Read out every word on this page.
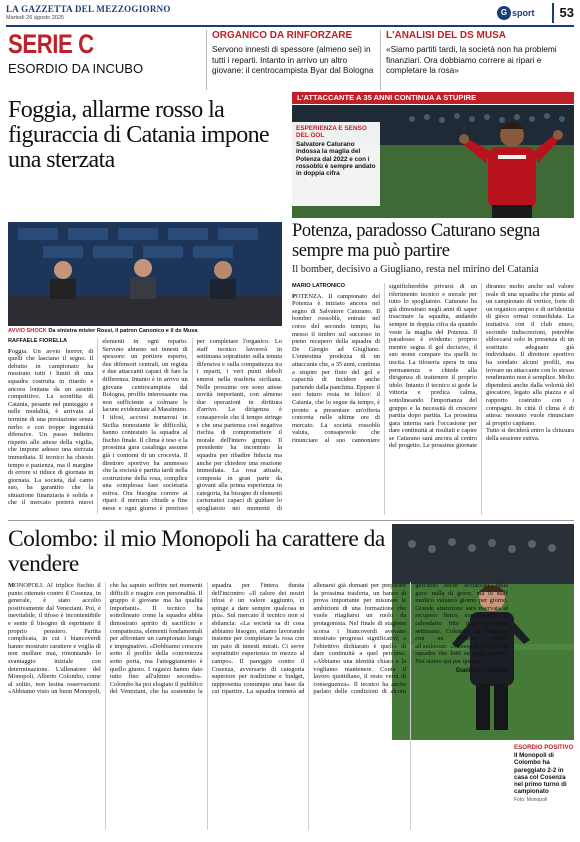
LA GAZZETTA DEL MEZZOGIORNO
Martedì 26 agosto 2025
G sport	53
SERIE C
ESORDIO DA INCUBO
ORGANICO DA RINFORZARE
Servono innesti di spessore (almeno sei) in tutti i reparti. Intanto in arrivo un altro giovane: il centrocampista Byar dal Bologna
L'ANALISI DEL DS MUSA
«Siamo partiti tardi, la società non ha problemi finanziari. Ora dobbiamo correre ai ripari e completare la rosa»
Foggia, allarme rosso la figuraccia di Catania impone una sterzata
L'ATTACCANTE A 35 ANNI CONTINUA A STUPIRE
ESPERIENZA E SENSO DEL GOL
Salvatore Caturano indossa la maglia del Potenza dal 2022 e con i rossoblù è sempre andato in doppia cifra
AVVIO SHOCK Da sinistra mister Rossi, il patron Canonico e il ds Musa

RAFFAELE FIORELLA

Foggia. Un avvio horror, di quelli che lasciano il segno. Il debutto in campionato ha mostrato tutti i limiti di una squadra costruita in ritardo e ancora lontana da un assetto competitivo. La sconfitta di Catania, pesante nel punteggio e nelle modalità, è arrivata al termine di una prestazione senza nerbo e con troppe ingenuità difensive. Un passo indietro rispetto alle attese della vigilia, che impone adesso una sterzata immediata. Il tecnico ha chiesto tempo e pazienza, ma il margine di errore si riduce di giornata in giornata. La società, dal canto suo, ha garantito che la situazione finanziaria è solida e che il mercato porterà nuovi elementi in ogni reparto. Servono almeno sei innesti di spessore: un portiere esperto, due difensori centrali, un regista e due attaccanti capaci di fare la differenza. Intanto è in arrivo un giovane centrocampista dal Bologna, profilo interessante ma non sufficiente a colmare le lacune evidenziate al Massimino. I tifosi, accorsi numerosi in Sicilia nonostante le difficoltà, hanno contestato la squadra al fischio finale. Il clima è teso e la prossima gara casalinga assume già i contorni di un crocevia. Il direttore sportivo ha ammesso che la società è partita tardi nella costruzione della rosa, complice una complessa fase societaria estiva. Ora bisogna correre ai ripari: il mercato chiude a fine mese e ogni giorno è prezioso per completare l'organico. Lo staff tecnico lavorerà in settimana soprattutto sulla tenuta difensiva e sulla compattezza tra i reparti, i veri punti deboli emersi nella trasferta siciliana. Nelle prossime ore sono attese novità importanti, con almeno due operazioni in dirittura d'arrivo. La dirigenza è consapevole che il tempo stringe e che una partenza così negativa rischia di compromettere il morale dell'intero gruppo. Il presidente ha incontrato la squadra per ribadire fiducia ma anche per chiedere una reazione immediata. La rosa attuale, composta in gran parte da giovani alla prima esperienza in categoria, ha bisogno di elementi carismatici capaci di guidare lo spogliatoio nei momenti di

Potenza, paradosso Caturano segna sempre ma può partire
Il bomber, decisivo a Giugliano, resta nel mirino del Catania

MARIO LATRONICO

POTENZA. Il campionato del Potenza è iniziato ancora nel segno di Salvatore Caturano. Il bomber rossoblù, entrato nel corso del secondo tempo, ha messo il timbro sul successo in pieno recupero della squadra di De Giorgio ad Giugliano. L'ennesima prodezza di un attaccante che, a 35 anni, continua a stupire per fiuto del gol e capacità di incidere anche partendo dalla panchina. Eppure il suo futuro resta in bilico: il Catania, che lo segue da tempo, è pronto a presentare un'offerta concreta nelle ultime ore di mercato. La società rossoblù valuta, consapevole che rinunciare al suo cannoniere significherebbe privarsi di un riferimento tecnico e morale per tutto lo spogliatoio. Caturano ha già dimostrato negli anni di saper trascinare la squadra, andando sempre in doppia cifra da quando veste la maglia del Potenza. Il paradosso è evidente: proprio mentre segna il gol decisivo, il suo nome compare tra quelli in uscita. La tifoseria spera in una permanenza e chiede alla dirigenza di trattenere il proprio idolo. Intanto il tecnico si gode la vittoria e predica calma, sottolineando l'importanza del gruppo e la necessità di crescere partita dopo partita. La prossima gara interna sarà l'occasione per dare continuità ai risultati e capire se Caturano sarà ancora al centro del progetto. Le prossime giornate diranno molto anche sul valore reale di una squadra che punta ad un campionato di vertice, forte di un organico ampio e di un'identità di gioco ormai consolidata. La trattativa con il club etneo, secondo indiscrezioni, potrebbe sbloccarsi solo in presenza di un sostituto adeguato già individuato. Il direttore sportivo ha sondato alcuni profili, ma trovare un attaccante con lo stesso rendimento non è semplice. Molto dipenderà anche dalla volontà del giocatore, legato alla piazza e al rapporto costruito con i compagni. In città il clima è di attesa: nessuno vuole rinunciare al proprio capitano.

Tutto si deciderà entro la chiusura della sessione estiva.

Colombo: il mio Monopoli ha carattere da vendere

MONOPOLI. Al triplice fischio il punto ottenuto contro il Cosenza, in generale, è stato accolto positivamente dal Veneziani. Poi, è inevitabile, il tifoso è inconteniibile e sente il bisogno di esprimere il proprio pensiero. Partita complicata, in cui i biancoverdi hanno mostrato carattere e voglia di non mollare mai, rimontando lo svantaggio iniziale con determinazione. L'allenatore del Monopoli, Alberto Colombo, come al solito, non lesina osservazioni: «Abbiamo visto un buon Monopoli, che ha saputo soffrire nei momenti difficili e reagire con personalità. Il gruppo è giovane ma ha qualità importanti». Il tecnico ha sottolineato come la squadra abbia dimostrato spirito di sacrificio e compattezza, elementi fondamentali per affrontare un campionato lungo e impegnativo. «Dobbiamo crescere sotto il profilo della concretezza sotto porta, ma l'atteggiamento è quello giusto. I ragazzi hanno dato tutto fino all'ultimo secondo». Colombo ha poi elogiato il pubblico del Veneziani, che ha sostenuto la squadra per l'intera durata dell'incontro: «Il calore dei nostri tifosi è un valore aggiunto, ci spinge a dare sempre qualcosa in più». Sul mercato il tecnico non si sbilancia: «La società sa di cosa abbiamo bisogno, stiamo lavorando insieme per completare la rosa con un paio di innesti mirati. Ci serve soprattutto esperienza in mezzo al campo». Il pareggio contro il Cosenza, avversario di categoria superiore per tradizione e budget, rappresenta comunque una base da cui ripartire. La squadra tornerà ad allenarsi già domani per preparare la prossima trasferta, un banco di prova importante per misurare le ambizioni di una formazione che vuole ritagliarsi un ruolo da protagonista. Nel finale di stagione scorsa i biancoverdi avevano mostrato progressi significativi, e l'obiettivo dichiarato è quello di dare continuità a quel percorso. «Abbiamo una identità chiara e la vogliamo mantenere. Conta il lavoro quotidiano, il resto verrà di conseguenza». Il tecnico ha anche parlato delle condizioni di alcuni giocatori usciti acciaccati dalla gara: nulla di grave, ma lo staff medico valuterà giorno per giorno. Grande attenzione sarà riservata al recupero fisico, considerando il calendario fitto delle prossime settimane. Colombo ha concluso con un pensiero rivolto all'ambiente: «Monopoli merita una squadra che lotti su ogni pallone. Noi siamo qui per questo».

Gianluca Castione

ESORDIO POSITIVO
Il Monopoli di Colombo ha pareggiato 2-2 in casa col Cosenza nel primo turno di campionato
Foto: Monopoli
